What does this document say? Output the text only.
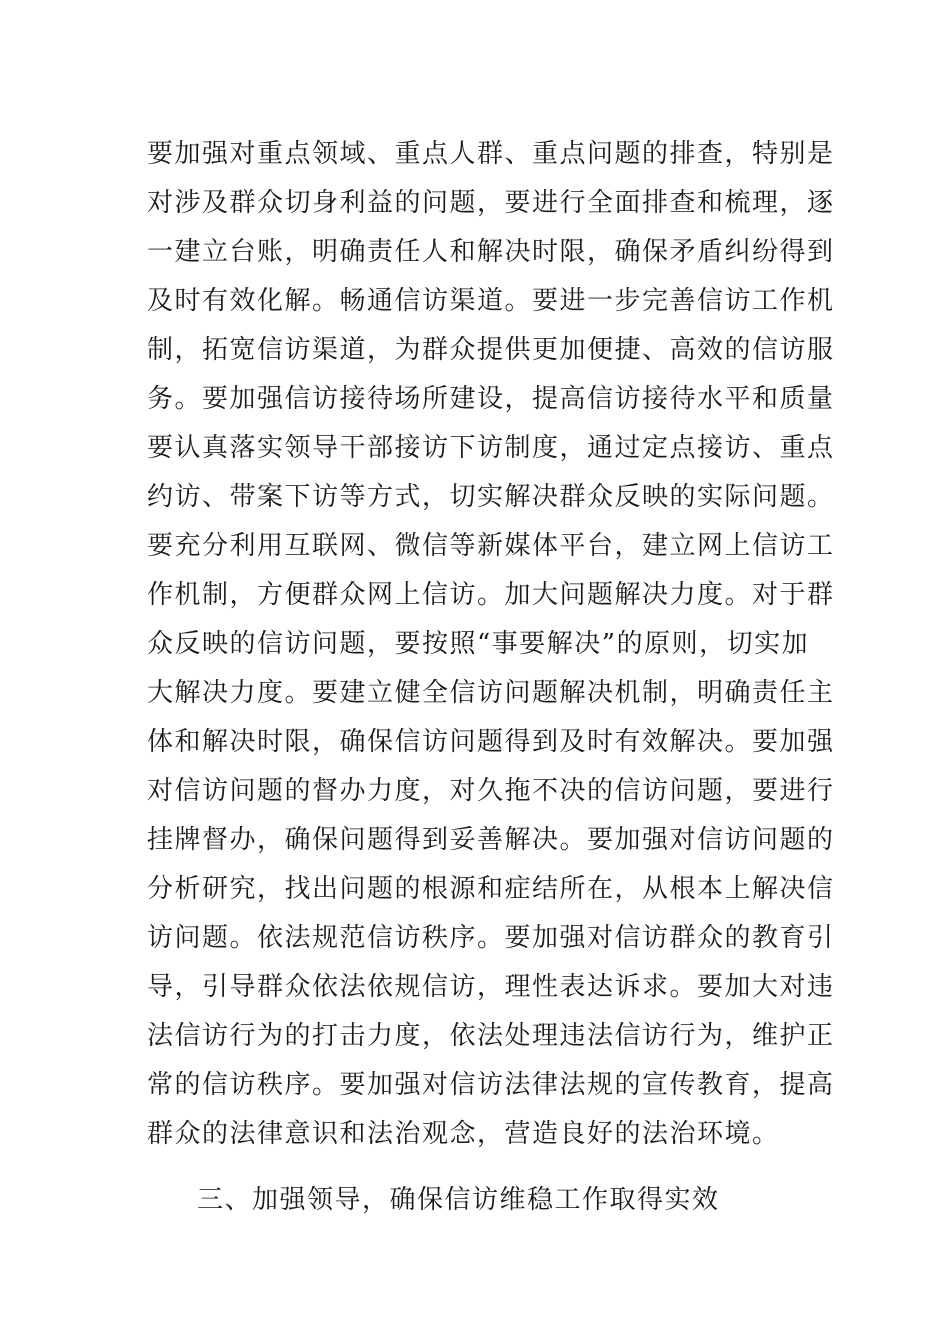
要加强对重点领域、重点人群、重点问题的排查，特别是
对涉及群众切身利益的问题，要进行全面排查和梳理，逐
一建立台账，明确责任人和解决时限，确保矛盾纠纷得到
及时有效化解。畅通信访渠道。要进一步完善信访工作机
制，拓宽信访渠道，为群众提供更加便捷、高效的信访服
务。要加强信访接待场所建设，提高信访接待水平和质量
要认真落实领导干部接访下访制度，通过定点接访、重点
约访、带案下访等方式，切实解决群众反映的实际问题。
要充分利用互联网、微信等新媒体平台，建立网上信访工
作机制，方便群众网上信访。加大问题解决力度。对于群
众反映的信访问题，要按照“事要解决”的原则，切实加
大解决力度。要建立健全信访问题解决机制，明确责任主
体和解决时限，确保信访问题得到及时有效解决。要加强
对信访问题的督办力度，对久拖不决的信访问题，要进行
挂牌督办，确保问题得到妥善解决。要加强对信访问题的
分析研究，找出问题的根源和症结所在，从根本上解决信
访问题。依法规范信访秩序。要加强对信访群众的教育引
导，引导群众依法依规信访，理性表达诉求。要加大对违
法信访行为的打击力度，依法处理违法信访行为，维护正
常的信访秩序。要加强对信访法律法规的宣传教育，提高
群众的法律意识和法治观念，营造良好的法治环境。
三、加强领导，确保信访维稳工作取得实效
